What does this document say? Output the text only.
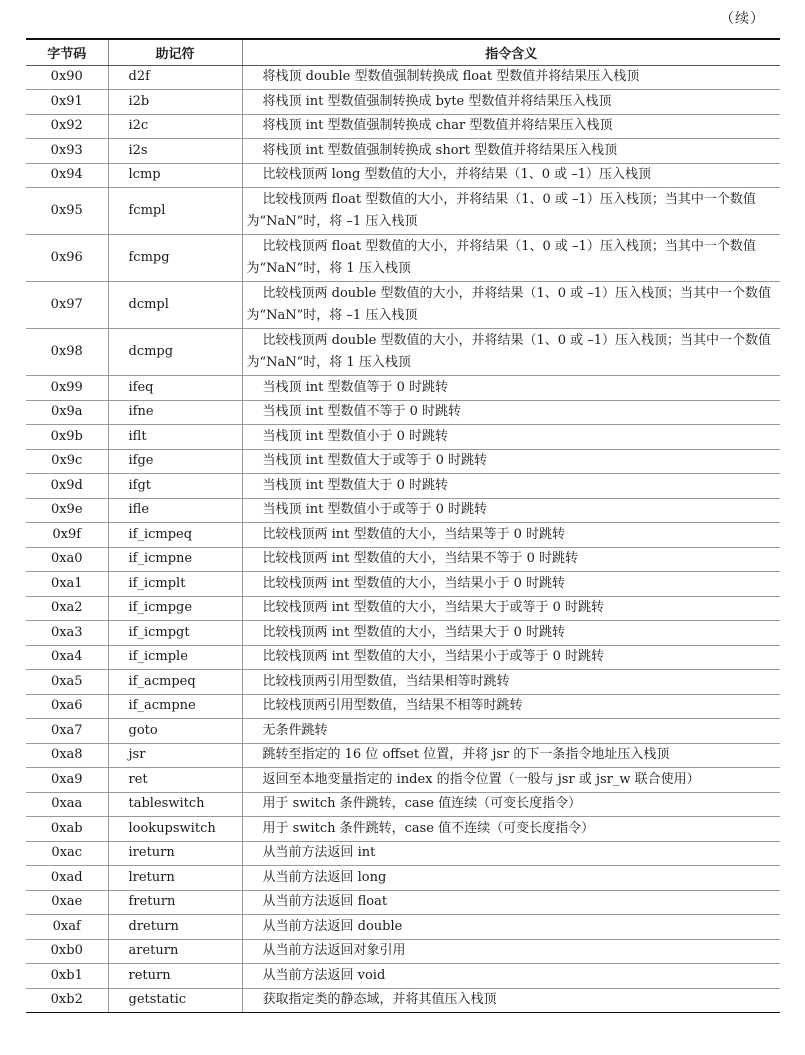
（续）
字节码	助记符	指令含义
0x90	d2f	将栈顶 double 型数值强制转换成 float 型数值并将结果压入栈顶
0x91	i2b	将栈顶 int 型数值强制转换成 byte 型数值并将结果压入栈顶
0x92	i2c	将栈顶 int 型数值强制转换成 char 型数值并将结果压入栈顶
0x93	i2s	将栈顶 int 型数值强制转换成 short 型数值并将结果压入栈顶
0x94	lcmp	比较栈顶两 long 型数值的大小，并将结果（1、0 或 –1）压入栈顶
0x95	fcmpl	比较栈顶两 float 型数值的大小，并将结果（1、0 或 –1）压入栈顶；当其中一个数值为“NaN”时，将 –1 压入栈顶
0x96	fcmpg	比较栈顶两 float 型数值的大小，并将结果（1、0 或 –1）压入栈顶；当其中一个数值为“NaN”时，将 1 压入栈顶
0x97	dcmpl	比较栈顶两 double 型数值的大小，并将结果（1、0 或 –1）压入栈顶；当其中一个数值为“NaN”时，将 –1 压入栈顶
0x98	dcmpg	比较栈顶两 double 型数值的大小，并将结果（1、0 或 –1）压入栈顶；当其中一个数值为“NaN”时，将 1 压入栈顶
0x99	ifeq	当栈顶 int 型数值等于 0 时跳转
0x9a	ifne	当栈顶 int 型数值不等于 0 时跳转
0x9b	iflt	当栈顶 int 型数值小于 0 时跳转
0x9c	ifge	当栈顶 int 型数值大于或等于 0 时跳转
0x9d	ifgt	当栈顶 int 型数值大于 0 时跳转
0x9e	ifle	当栈顶 int 型数值小于或等于 0 时跳转
0x9f	if_icmpeq	比较栈顶两 int 型数值的大小，当结果等于 0 时跳转
0xa0	if_icmpne	比较栈顶两 int 型数值的大小，当结果不等于 0 时跳转
0xa1	if_icmplt	比较栈顶两 int 型数值的大小，当结果小于 0 时跳转
0xa2	if_icmpge	比较栈顶两 int 型数值的大小，当结果大于或等于 0 时跳转
0xa3	if_icmpgt	比较栈顶两 int 型数值的大小，当结果大于 0 时跳转
0xa4	if_icmple	比较栈顶两 int 型数值的大小，当结果小于或等于 0 时跳转
0xa5	if_acmpeq	比较栈顶两引用型数值，当结果相等时跳转
0xa6	if_acmpne	比较栈顶两引用型数值，当结果不相等时跳转
0xa7	goto	无条件跳转
0xa8	jsr	跳转至指定的 16 位 offset 位置，并将 jsr 的下一条指令地址压入栈顶
0xa9	ret	返回至本地变量指定的 index 的指令位置（一般与 jsr 或 jsr_w 联合使用）
0xaa	tableswitch	用于 switch 条件跳转，case 值连续（可变长度指令）
0xab	lookupswitch	用于 switch 条件跳转，case 值不连续（可变长度指令）
0xac	ireturn	从当前方法返回 int
0xad	lreturn	从当前方法返回 long
0xae	freturn	从当前方法返回 float
0xaf	dreturn	从当前方法返回 double
0xb0	areturn	从当前方法返回对象引用
0xb1	return	从当前方法返回 void
0xb2	getstatic	获取指定类的静态域，并将其值压入栈顶
